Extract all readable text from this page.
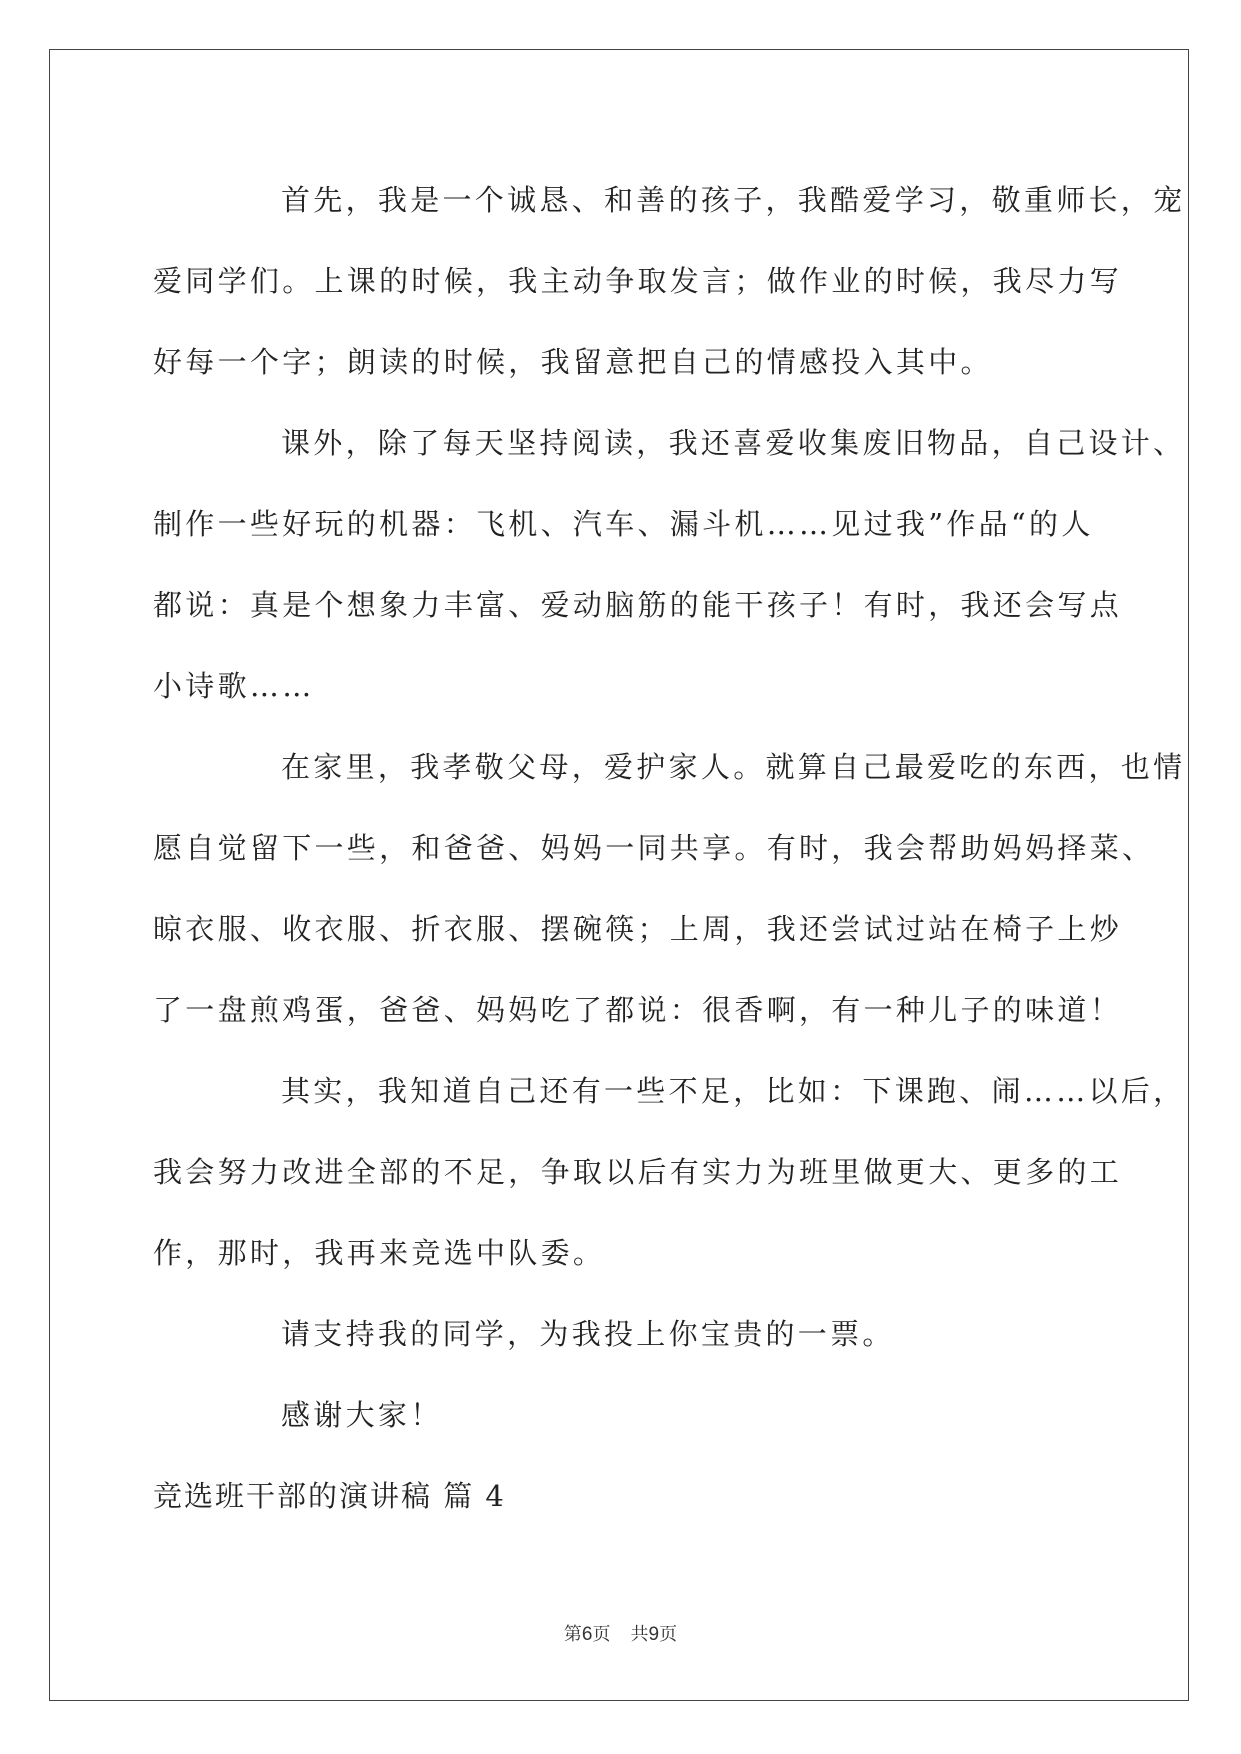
首先，我是一个诚恳、和善的孩子，我酷爱学习，敬重师长，宠
爱同学们。上课的时候，我主动争取发言；做作业的时候，我尽力写
好每一个字；朗读的时候，我留意把自己的情感投入其中。
课外，除了每天坚持阅读，我还喜爱收集废旧物品，自己设计、
制作一些好玩的机器：飞机、汽车、漏斗机……见过我”作品“的人
都说：真是个想象力丰富、爱动脑筋的能干孩子！有时，我还会写点
小诗歌……
在家里，我孝敬父母，爱护家人。就算自己最爱吃的东西，也情
愿自觉留下一些，和爸爸、妈妈一同共享。有时，我会帮助妈妈择菜、
晾衣服、收衣服、折衣服、摆碗筷；上周，我还尝试过站在椅子上炒
了一盘煎鸡蛋，爸爸、妈妈吃了都说：很香啊，有一种儿子的味道！
其实，我知道自己还有一些不足，比如：下课跑、闹……以后，
我会努力改进全部的不足，争取以后有实力为班里做更大、更多的工
作，那时，我再来竞选中队委。
请支持我的同学，为我投上你宝贵的一票。
感谢大家！
竞选班干部的演讲稿 篇 4
第6页 共9页
